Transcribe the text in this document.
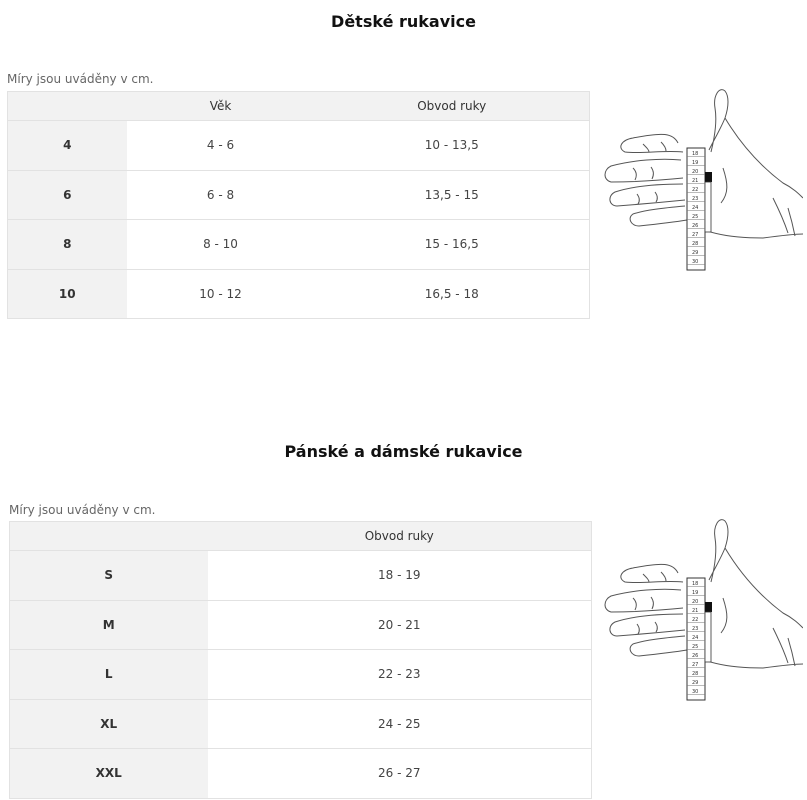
Dětské rukavice
Míry jsou uváděny v cm.
	Věk	Obvod ruky
4	4 - 6	10 - 13,5
6	6 - 8	13,5 - 15
8	8 - 10	15 - 16,5
10	10 - 12	16,5 - 18
18
19
20
21
22
23
24
25
26
27
28
29
30
Pánské a dámské rukavice
Míry jsou uváděny v cm.
	Obvod ruky
S	18 - 19
M	20 - 21
L	22 - 23
XL	24 - 25
XXL	26 - 27
18
19
20
21
22
23
24
25
26
27
28
29
30
